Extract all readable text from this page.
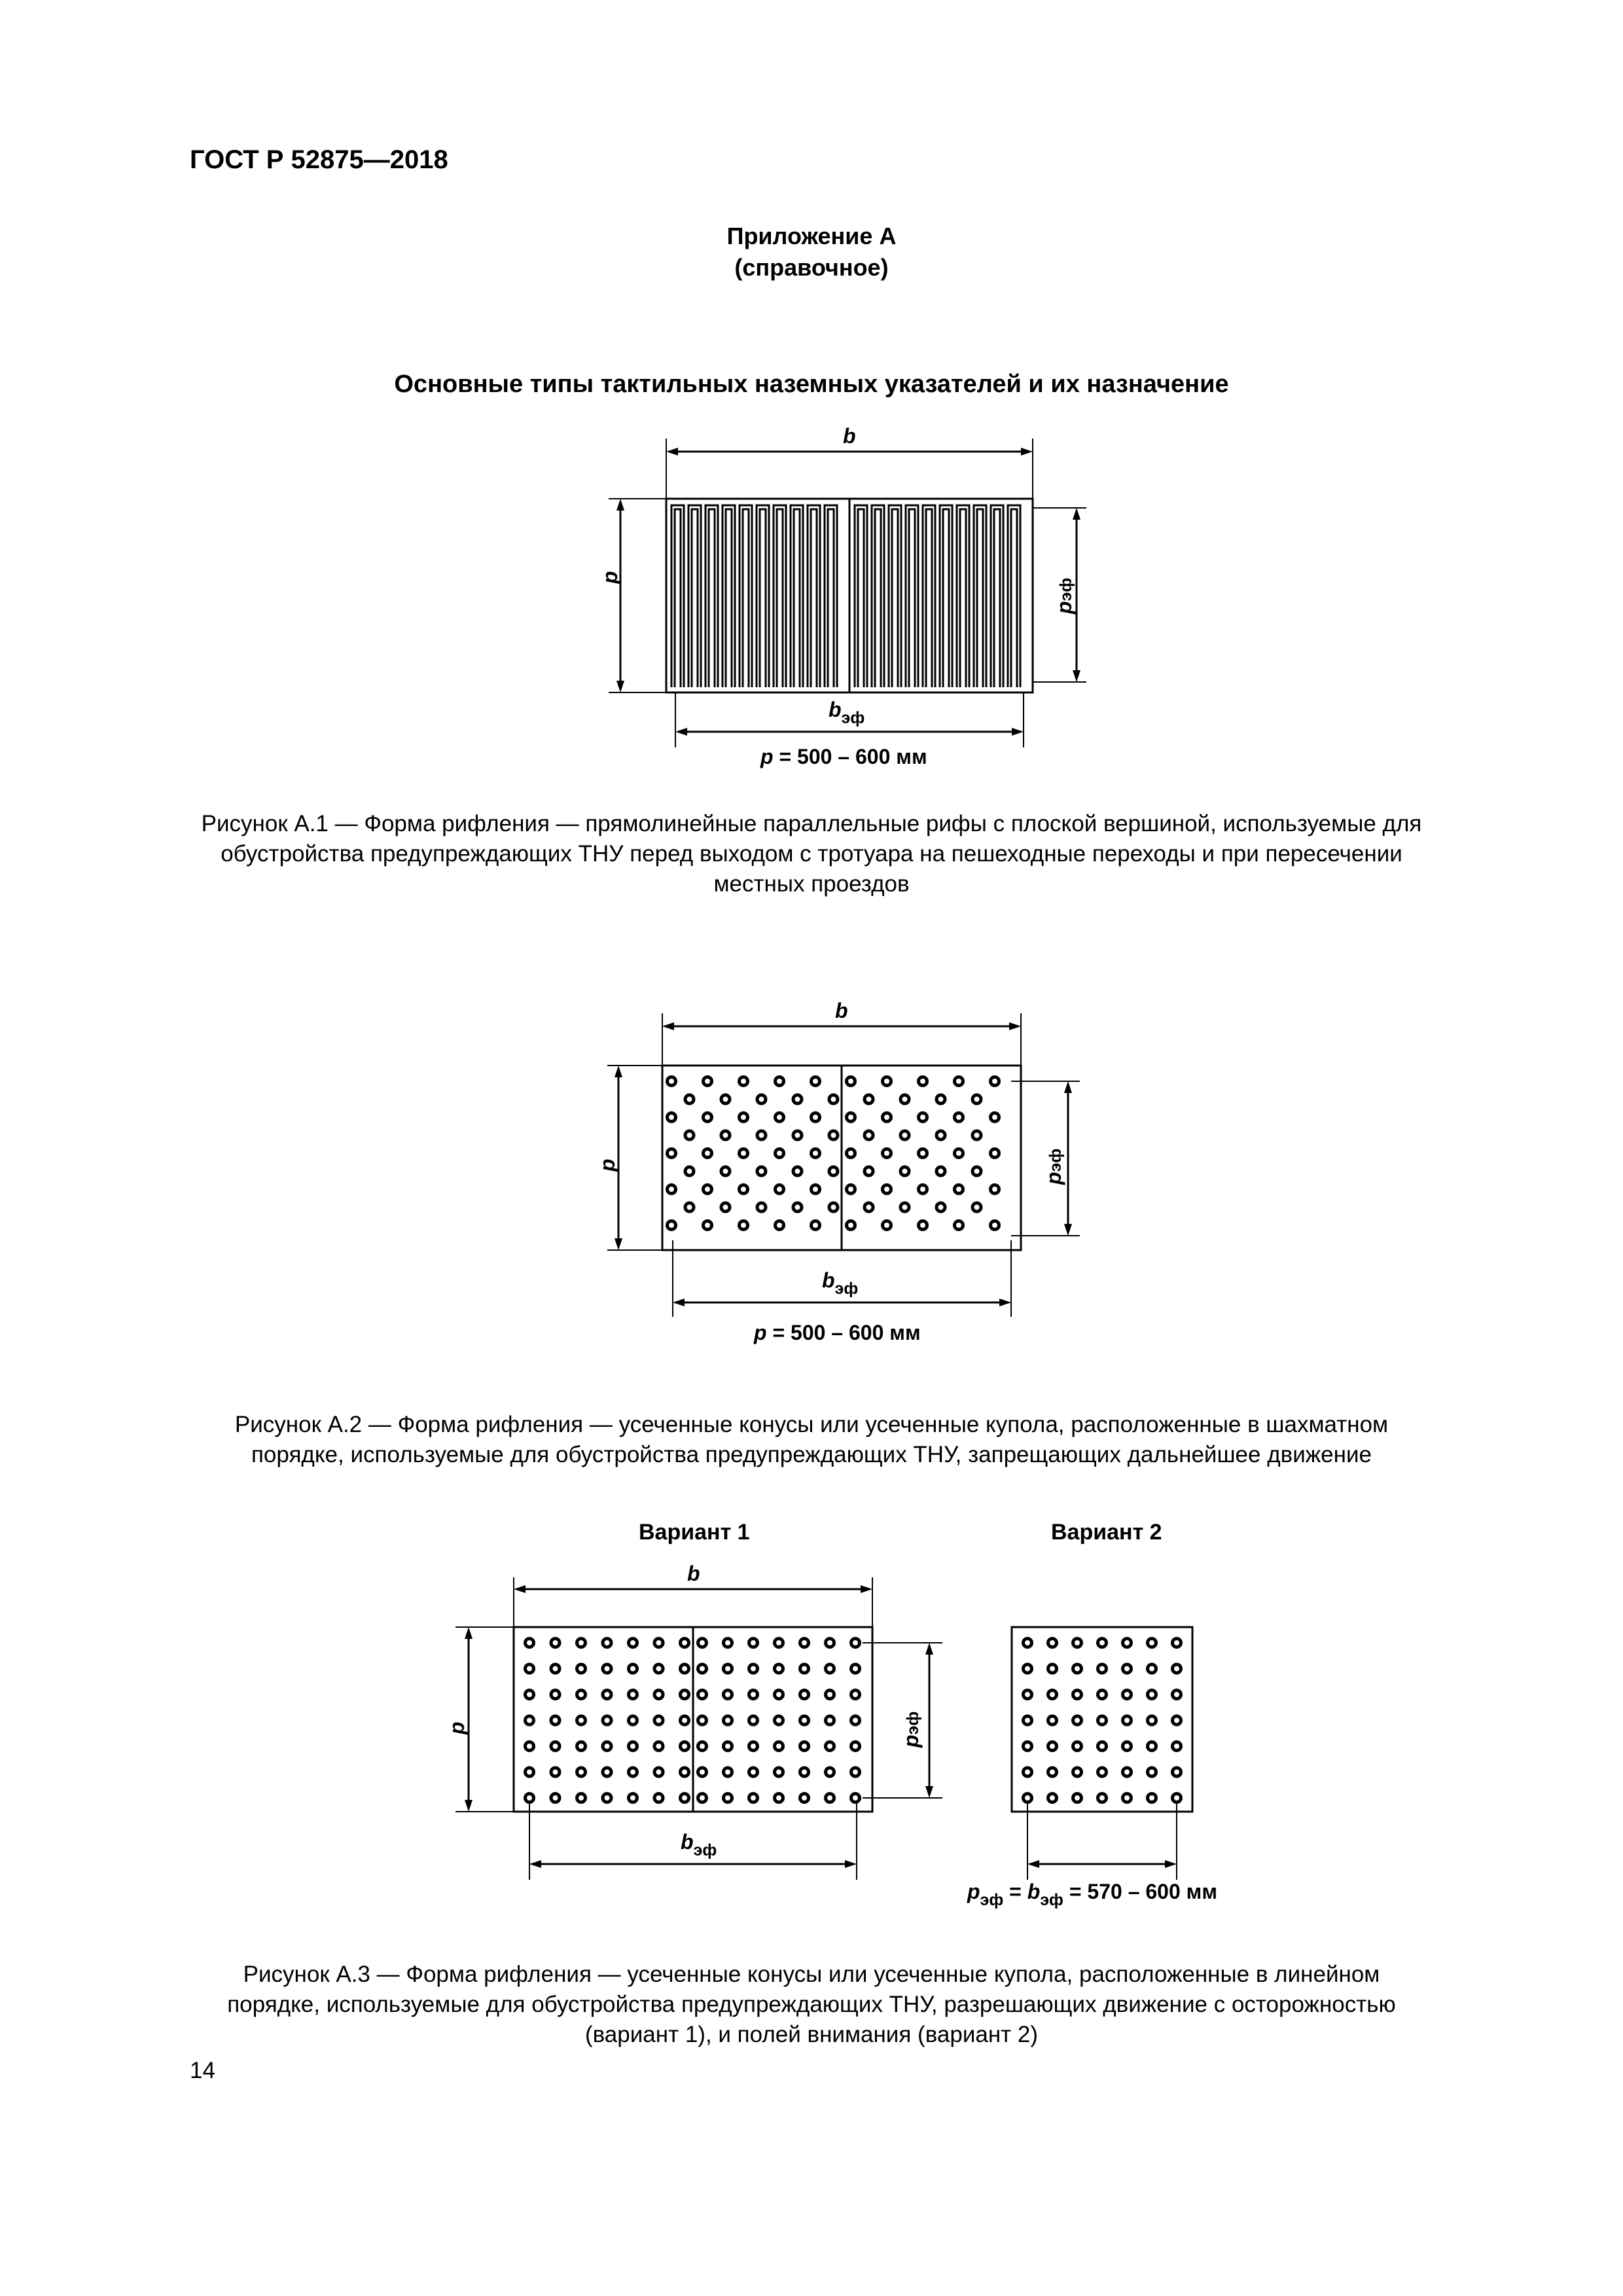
ГОСТ Р 52875—2018
Приложение А
(справочное)
Основные типы тактильных наземных указателей и их назначение
b
p
pэф
bэф
p = 500 – 600 мм
Рисунок А.1 — Форма рифления — прямолинейные параллельные рифы с плоской вершиной, используемые для
обустройства предупреждающих ТНУ перед выходом с тротуара на пешеходные переходы и при пересечении
местных проездов
b
p
pэф
bэф
p = 500 – 600 мм
Рисунок А.2 — Форма рифления — усеченные конусы или усеченные купола, расположенные в шахматном
порядке, используемые для обустройства предупреждающих ТНУ, запрещающих дальнейшее движение
Вариант 1	Вариант 2
b
p
pэф
bэф
pэф = bэф = 570 – 600 мм
Рисунок А.3 — Форма рифления — усеченные конусы или усеченные купола, расположенные в линейном
порядке, используемые для обустройства предупреждающих ТНУ, разрешающих движение с осторожностью
(вариант 1), и полей внимания (вариант 2)
14
